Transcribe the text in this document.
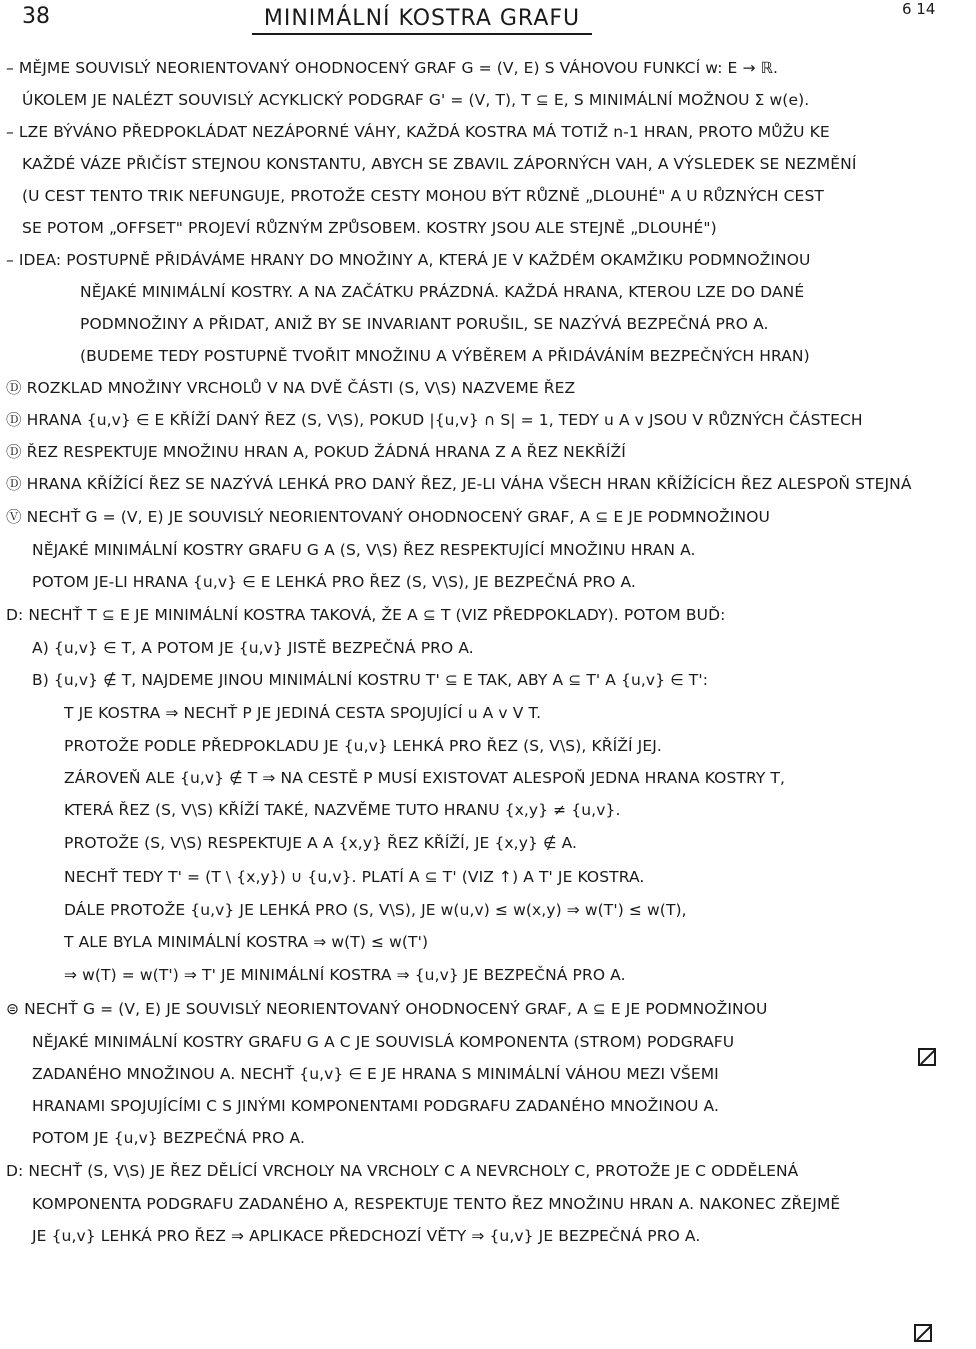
38	6 14
MINIMÁLNÍ KOSTRA GRAFU
– MĚJME SOUVISLÝ NEORIENTOVANÝ OHODNOCENÝ GRAF G = (V, E) S VÁHOVOU FUNKCÍ w: E → ℝ.
ÚKOLEM JE NALÉZT SOUVISLÝ ACYKLICKÝ PODGRAF G' = (V, T), T ⊆ E, S MINIMÁLNÍ MOŽNOU Σ w(e).
– LZE BÝVÁNO PŘEDPOKLÁDAT NEZÁPORNÉ VÁHY, KAŽDÁ KOSTRA MÁ TOTIŽ n-1 HRAN, PROTO MŮŽU KE
KAŽDÉ VÁZE PŘIČÍST STEJNOU KONSTANTU, ABYCH SE ZBAVIL ZÁPORNÝCH VAH, A VÝSLEDEK SE NEZMĚNÍ
(U CEST TENTO TRIK NEFUNGUJE, PROTOŽE CESTY MOHOU BÝT RŮZNĚ „DLOUHÉ" A U RŮZNÝCH CEST
SE POTOM „OFFSET" PROJEVÍ RŮZNÝM ZPŮSOBEM. KOSTRY JSOU ALE STEJNĚ „DLOUHÉ")
– IDEA: POSTUPNĚ PŘIDÁVÁME HRANY DO MNOŽINY A, KTERÁ JE V KAŽDÉM OKAMŽIKU PODMNOŽINOU
NĚJAKÉ MINIMÁLNÍ KOSTRY. A NA ZAČÁTKU PRÁZDNÁ. KAŽDÁ HRANA, KTEROU LZE DO DANÉ
PODMNOŽINY A PŘIDAT, ANIŽ BY SE INVARIANT PORUŠIL, SE NAZÝVÁ BEZPEČNÁ PRO A.
(BUDEME TEDY POSTUPNĚ TVOŘIT MNOŽINU A VÝBĚREM A PŘIDÁVÁNÍM BEZPEČNÝCH HRAN)
Ⓓ ROZKLAD MNOŽINY VRCHOLŮ V NA DVĚ ČÁSTI (S, V\S) NAZVEME ŘEZ
Ⓓ HRANA {u,v} ∈ E KŘÍŽÍ DANÝ ŘEZ (S, V\S), POKUD |{u,v} ∩ S| = 1, TEDY u A v JSOU V RŮZNÝCH ČÁSTECH
Ⓓ ŘEZ RESPEKTUJE MNOŽINU HRAN A, POKUD ŽÁDNÁ HRANA Z A ŘEZ NEKŘÍŽÍ
Ⓓ HRANA KŘÍŽÍCÍ ŘEZ SE NAZÝVÁ LEHKÁ PRO DANÝ ŘEZ, JE-LI VÁHA VŠECH HRAN KŘÍŽÍCÍCH ŘEZ ALESPOŇ STEJNÁ
Ⓥ NECHŤ G = (V, E) JE SOUVISLÝ NEORIENTOVANÝ OHODNOCENÝ GRAF, A ⊆ E JE PODMNOŽINOU
NĚJAKÉ MINIMÁLNÍ KOSTRY GRAFU G A (S, V\S) ŘEZ RESPEKTUJÍCÍ MNOŽINU HRAN A.
POTOM JE-LI HRANA {u,v} ∈ E LEHKÁ PRO ŘEZ (S, V\S), JE BEZPEČNÁ PRO A.
D: NECHŤ T ⊆ E JE MINIMÁLNÍ KOSTRA TAKOVÁ, ŽE A ⊆ T (VIZ PŘEDPOKLADY). POTOM BUĎ:
A) {u,v} ∈ T, A POTOM JE {u,v} JISTĚ BEZPEČNÁ PRO A.
B) {u,v} ∉ T, NAJDEME JINOU MINIMÁLNÍ KOSTRU T' ⊆ E TAK, ABY A ⊆ T' A {u,v} ∈ T':
T JE KOSTRA ⇒ NECHŤ P JE JEDINÁ CESTA SPOJUJÍCÍ u A v V T.
PROTOŽE PODLE PŘEDPOKLADU JE {u,v} LEHKÁ PRO ŘEZ (S, V\S), KŘÍŽÍ JEJ.
ZÁROVEŇ ALE {u,v} ∉ T ⇒ NA CESTĚ P MUSÍ EXISTOVAT ALESPOŇ JEDNA HRANA KOSTRY T,
KTERÁ ŘEZ (S, V\S) KŘÍŽÍ TAKÉ, NAZVĚME TUTO HRANU {x,y} ≠ {u,v}.
PROTOŽE (S, V\S) RESPEKTUJE A A {x,y} ŘEZ KŘÍŽÍ, JE {x,y} ∉ A.
NECHŤ TEDY T' = (T \ {x,y}) ∪ {u,v}. PLATÍ A ⊆ T' (VIZ ↑) A T' JE KOSTRA.
DÁLE PROTOŽE {u,v} JE LEHKÁ PRO (S, V\S), JE w(u,v) ≤ w(x,y) ⇒ w(T') ≤ w(T),
T ALE BYLA MINIMÁLNÍ KOSTRA ⇒ w(T) ≤ w(T')
⇒ w(T) = w(T') ⇒ T' JE MINIMÁLNÍ KOSTRA ⇒ {u,v} JE BEZPEČNÁ PRO A.
⊜ NECHŤ G = (V, E) JE SOUVISLÝ NEORIENTOVANÝ OHODNOCENÝ GRAF, A ⊆ E JE PODMNOŽINOU
NĚJAKÉ MINIMÁLNÍ KOSTRY GRAFU G A C JE SOUVISLÁ KOMPONENTA (STROM) PODGRAFU
ZADANÉHO MNOŽINOU A. NECHŤ {u,v} ∈ E JE HRANA S MINIMÁLNÍ VÁHOU MEZI VŠEMI
HRANAMI SPOJUJÍCÍMI C S JINÝMI KOMPONENTAMI PODGRAFU ZADANÉHO MNOŽINOU A.
POTOM JE {u,v} BEZPEČNÁ PRO A.
D: NECHŤ (S, V\S) JE ŘEZ DĚLÍCÍ VRCHOLY NA VRCHOLY C A NEVRCHOLY C, PROTOŽE JE C ODDĚLENÁ
KOMPONENTA PODGRAFU ZADANÉHO A, RESPEKTUJE TENTO ŘEZ MNOŽINU HRAN A. NAKONEC ZŘEJMĚ
JE {u,v} LEHKÁ PRO ŘEZ ⇒ APLIKACE PŘEDCHOZÍ VĚTY ⇒ {u,v} JE BEZPEČNÁ PRO A.
